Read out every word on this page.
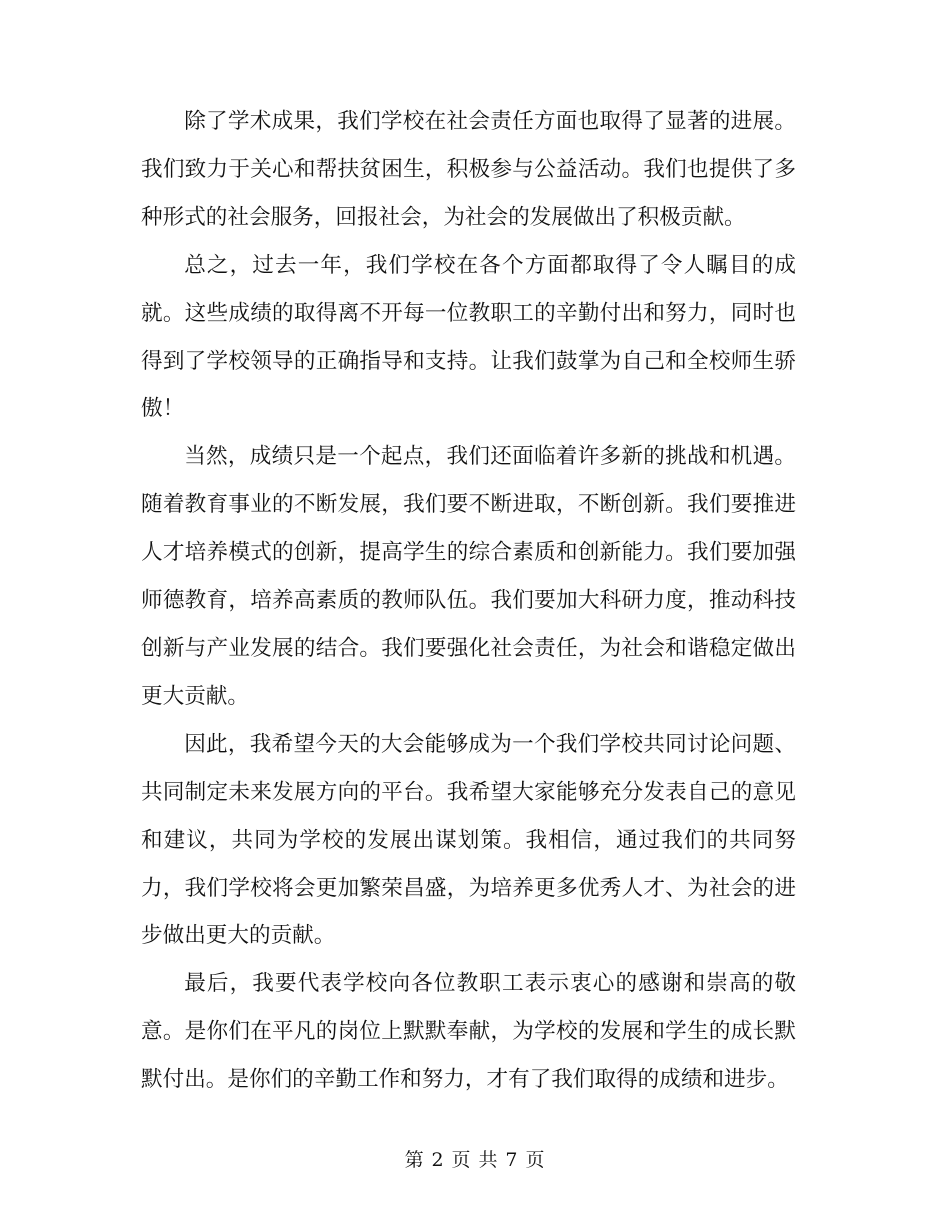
除了学术成果，我们学校在社会责任方面也取得了显著的进展。我们致力于关心和帮扶贫困生，积极参与公益活动。我们也提供了多种形式的社会服务，回报社会，为社会的发展做出了积极贡献。

总之，过去一年，我们学校在各个方面都取得了令人瞩目的成就。这些成绩的取得离不开每一位教职工的辛勤付出和努力，同时也得到了学校领导的正确指导和支持。让我们鼓掌为自己和全校师生骄傲！

当然，成绩只是一个起点，我们还面临着许多新的挑战和机遇。随着教育事业的不断发展，我们要不断进取，不断创新。我们要推进人才培养模式的创新，提高学生的综合素质和创新能力。我们要加强师德教育，培养高素质的教师队伍。我们要加大科研力度，推动科技创新与产业发展的结合。我们要强化社会责任，为社会和谐稳定做出更大贡献。

因此，我希望今天的大会能够成为一个我们学校共同讨论问题、共同制定未来发展方向的平台。我希望大家能够充分发表自己的意见和建议，共同为学校的发展出谋划策。我相信，通过我们的共同努力，我们学校将会更加繁荣昌盛，为培养更多优秀人才、为社会的进步做出更大的贡献。

最后，我要代表学校向各位教职工表示衷心的感谢和崇高的敬意。是你们在平凡的岗位上默默奉献，为学校的发展和学生的成长默默付出。是你们的辛勤工作和努力，才有了我们取得的成绩和进步。

第 2 页 共 7 页
